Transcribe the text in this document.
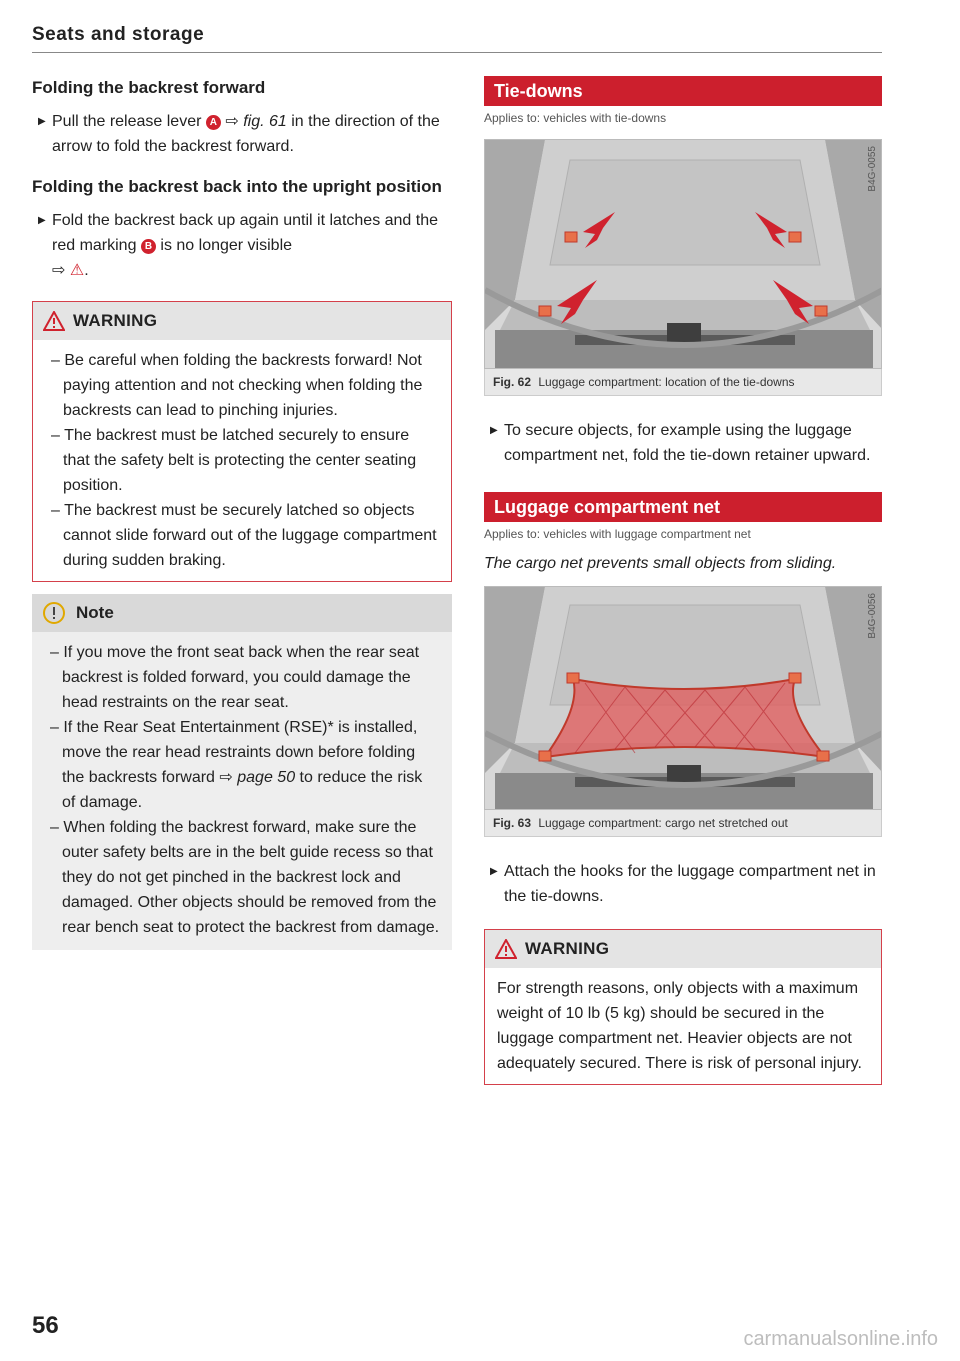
Seats and storage
Folding the backrest forward

▶ Pull the release lever A ⇨ fig. 61 in the direction of the arrow to fold the backrest forward.

Folding the backrest back into the upright position

▶ Fold the backrest back up again until it latches and the red marking B is no longer visible
⇨ ⚠.

WARNING

– Be careful when folding the backrests forward! Not paying attention and not checking when folding the backrests can lead to pinching injuries.

– The backrest must be latched securely to ensure that the safety belt is protecting the center seating position.

– The backrest must be securely latched so objects cannot slide forward out of the luggage compartment during sudden braking.

Note

– If you move the front seat back when the rear seat backrest is folded forward, you could damage the head restraints on the rear seat.

– If the Rear Seat Entertainment (RSE)* is installed, move the rear head restraints down before folding the backrests forward ⇨ page 50 to reduce the risk of damage.

– When folding the backrest forward, make sure the outer safety belts are in the belt guide recess so that they do not get pinched in the backrest lock and damaged. Other objects should be removed from the rear bench seat to protect the backrest from damage.

Tie-downs

Applies to: vehicles with tie-downs

B4G-0055
Fig. 62 Luggage compartment: location of the tie-downs

▶ To secure objects, for example using the luggage compartment net, fold the tie-down retainer upward.

Luggage compartment net

Applies to: vehicles with luggage compartment net

The cargo net prevents small objects from sliding.

B4G-0056
Fig. 63 Luggage compartment: cargo net stretched out

▶ Attach the hooks for the luggage compartment net in the tie-downs.

WARNING

For strength reasons, only objects with a maximum weight of 10 lb (5 kg) should be secured in the luggage compartment net. Heavier objects are not adequately secured. There is risk of personal injury.

56	carmanualsonline.info
